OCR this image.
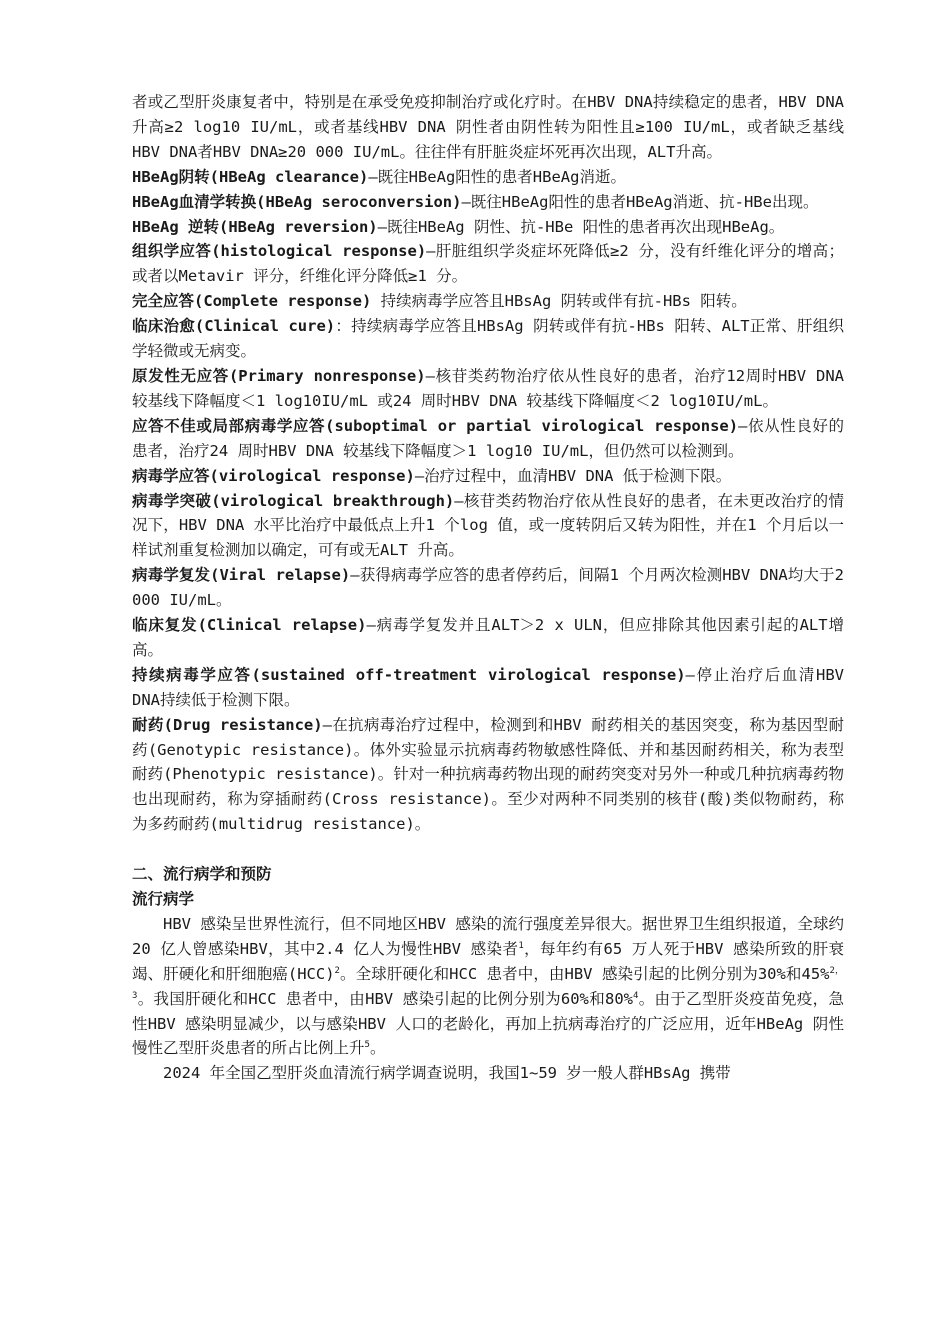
者或乙型肝炎康复者中，特别是在承受免疫抑制治疗或化疗时。在HBV DNA持续稳定的患者，HBV DNA升高≥2 log10 IU/mL，或者基线HBV DNA 阴性者由阴性转为阳性且≥100 IU/mL，或者缺乏基线HBV DNA者HBV DNA≥20 000 IU/mL。往往伴有肝脏炎症坏死再次出现，ALT升高。

HBeAg阴转(HBeAg clearance)—既往HBeAg阳性的患者HBeAg消逝。

HBeAg血清学转换(HBeAg seroconversion)—既往HBeAg阳性的患者HBeAg消逝、抗-HBe出现。

HBeAg 逆转(HBeAg reversion)—既往HBeAg 阴性、抗-HBe 阳性的患者再次出现HBeAg。

组织学应答(histological response)—肝脏组织学炎症坏死降低≥2 分，没有纤维化评分的增高；或者以Metavir 评分，纤维化评分降低≥1 分。

完全应答(Complete response) 持续病毒学应答且HBsAg 阴转或伴有抗-HBs 阳转。

临床治愈(Clinical cure)：持续病毒学应答且HBsAg 阴转或伴有抗-HBs 阳转、ALT正常、肝组织学轻微或无病变。

原发性无应答(Primary nonresponse)—核苷类药物治疗依从性良好的患者，治疗12周时HBV DNA 较基线下降幅度＜1 log10IU/mL 或24 周时HBV DNA 较基线下降幅度＜2 log10IU/mL。

应答不佳或局部病毒学应答(suboptimal or partial virological response)—依从性良好的患者，治疗24 周时HBV DNA 较基线下降幅度＞1 log10 IU/mL，但仍然可以检测到。

病毒学应答(virological response)—治疗过程中，血清HBV DNA 低于检测下限。

病毒学突破(virological breakthrough)—核苷类药物治疗依从性良好的患者，在未更改治疗的情况下，HBV DNA 水平比治疗中最低点上升1 个log 值，或一度转阴后又转为阳性，并在1 个月后以一样试剂重复检测加以确定，可有或无ALT 升高。

病毒学复发(Viral relapse)—获得病毒学应答的患者停药后，间隔1 个月两次检测HBV DNA均大于2 000 IU/mL。

临床复发(Clinical relapse)—病毒学复发并且ALT＞2 x ULN，但应排除其他因素引起的ALT增高。

持续病毒学应答(sustained off-treatment virological response)—停止治疗后血清HBV DNA持续低于检测下限。

耐药(Drug resistance)—在抗病毒治疗过程中，检测到和HBV 耐药相关的基因突变，称为基因型耐药(Genotypic resistance)。体外实验显示抗病毒药物敏感性降低、并和基因耐药相关，称为表型耐药(Phenotypic resistance)。针对一种抗病毒药物出现的耐药突变对另外一种或几种抗病毒药物也出现耐药，称为穿插耐药(Cross resistance)。至少对两种不同类别的核苷(酸)类似物耐药，称为多药耐药(multidrug resistance)。

二、流行病学和预防

流行病学

HBV 感染呈世界性流行，但不同地区HBV 感染的流行强度差异很大。据世界卫生组织报道，全球约20 亿人曾感染HBV，其中2.4 亿人为慢性HBV 感染者$^1$，每年约有65 万人死于HBV 感染所致的肝衰竭、肝硬化和肝细胞癌(HCC)$^2$。全球肝硬化和HCC 患者中，由HBV 感染引起的比例分别为30%和45%$^{2,3}$。我国肝硬化和HCC 患者中，由HBV 感染引起的比例分别为60%和80%$^4$。由于乙型肝炎疫苗免疫，急性HBV 感染明显减少，以与感染HBV 人口的老龄化，再加上抗病毒治疗的广泛应用，近年HBeAg 阴性慢性乙型肝炎患者的所占比例上升$^5$。

2024 年全国乙型肝炎血清流行病学调查说明，我国1~59 岁一般人群HBsAg 携带
